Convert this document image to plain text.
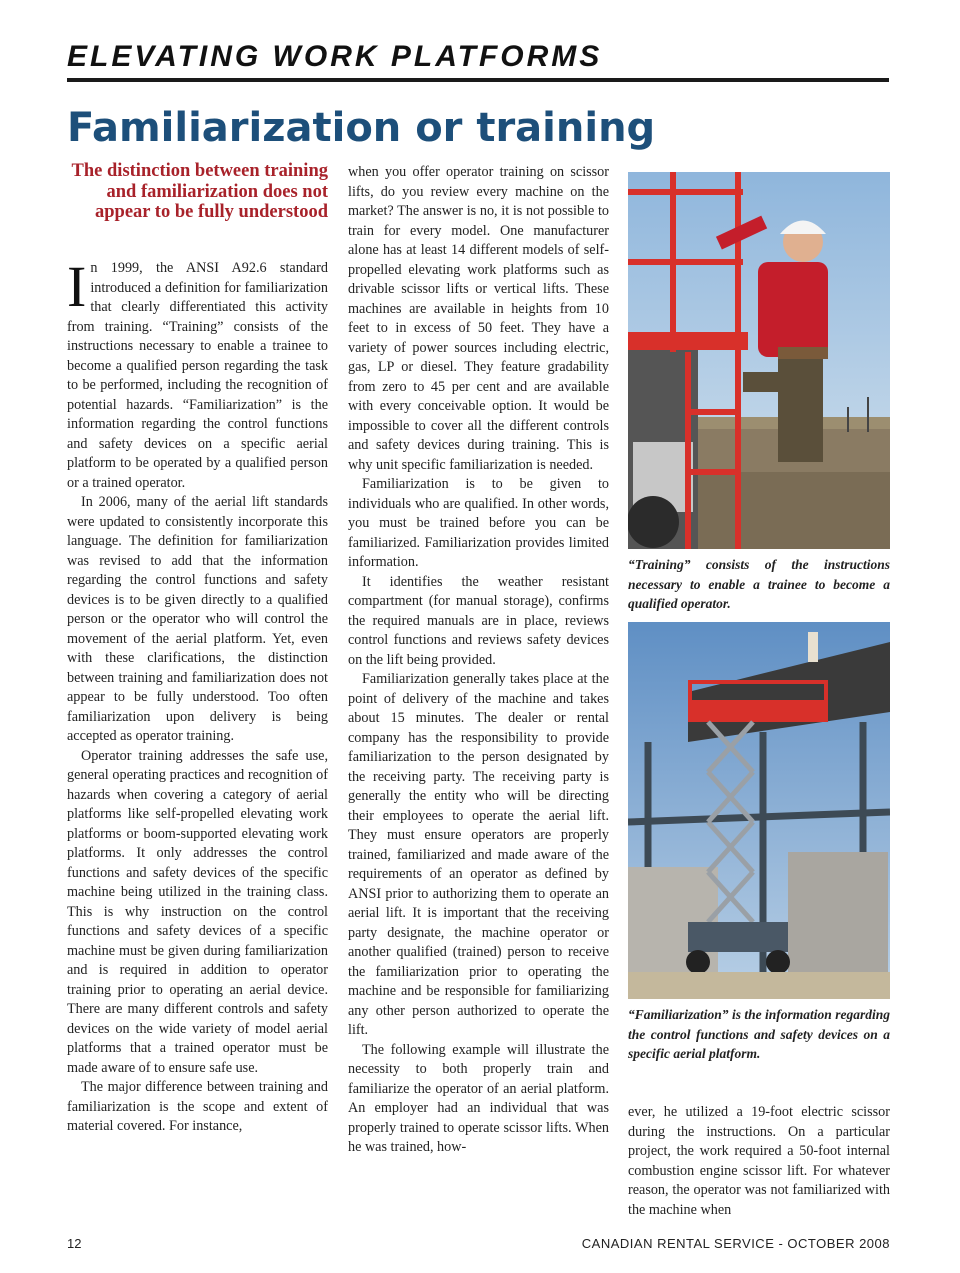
ELEVATING WORK PLATFORMS
Familiarization or training
The distinction between training and familiarization does not appear to be fully understood

In 1999, the ANSI A92.6 standard introduced a definition for familiarization that clearly differentiated this activity from training. “Training” consists of the instructions necessary to enable a trainee to become a qualified person regarding the task to be performed, including the recognition of potential hazards. “Familiarization” is the information regarding the control functions and safety devices on a specific aerial platform to be operated by a qualified person or a trained operator.

In 2006, many of the aerial lift standards were updated to consistently incorporate this language. The definition for familiarization was revised to add that the information regarding the control functions and safety devices is to be given directly to a qualified person or the operator who will control the movement of the aerial platform. Yet, even with these clarifications, the distinction between training and familiarization does not appear to be fully understood. Too often familiarization upon delivery is being accepted as operator training.

Operator training addresses the safe use, general operating practices and recognition of hazards when covering a category of aerial platforms like self-propelled elevating work platforms or boom-supported elevating work platforms. It only addresses the control functions and safety devices of the specific machine being utilized in the training class. This is why instruction on the control functions and safety devices of a specific machine must be given during familiarization and is required in addition to operator training prior to operating an aerial device. There are many different controls and safety devices on the wide variety of model aerial platforms that a trained operator must be made aware of to ensure safe use.

The major difference between training and familiarization is the scope and extent of material covered. For instance,

when you offer operator training on scissor lifts, do you review every machine on the market? The answer is no, it is not possible to train for every model. One manufacturer alone has at least 14 different models of self-propelled elevating work platforms such as drivable scissor lifts or vertical lifts. These machines are available in heights from 10 feet to in excess of 50 feet. They have a variety of power sources including electric, gas, LP or diesel. They feature gradability from zero to 45 per cent and are available with every conceivable option. It would be impossible to cover all the different controls and safety devices during training. This is why unit specific familiarization is needed.

Familiarization is to be given to individuals who are qualified. In other words, you must be trained before you can be familiarized. Familiarization provides limited information.

It identifies the weather resistant compartment (for manual storage), confirms the required manuals are in place, reviews control functions and reviews safety devices on the lift being provided.

Familiarization generally takes place at the point of delivery of the machine and takes about 15 minutes. The dealer or rental company has the responsibility to provide familiarization to the person designated by the receiving party. The receiving party is generally the entity who will be directing their employees to operate the aerial lift. They must ensure operators are properly trained, familiarized and made aware of the requirements of an operator as defined by ANSI prior to authorizing them to operate an aerial lift. It is important that the receiving party designate, the machine operator or another qualified (trained) person to receive the familiarization prior to operating the machine and be responsible for familiarizing any other person authorized to operate the lift.

The following example will illustrate the necessity to both properly train and familiarize the operator of an aerial platform. An employer had an individual that was properly trained to operate scissor lifts. When he was trained, how-

ever, he utilized a 19-foot electric scissor during the instructions. On a particular project, the work required a 50-foot internal combustion engine scissor lift. For whatever reason, the operator was not familiarized with the machine when

“Training” consists of the instructions necessary to enable a trainee to become a qualified operator.
“Familiarization” is the information regarding the control functions and safety devices on a specific aerial platform.
12	CANADIAN RENTAL SERVICE - OCTOBER 2008
